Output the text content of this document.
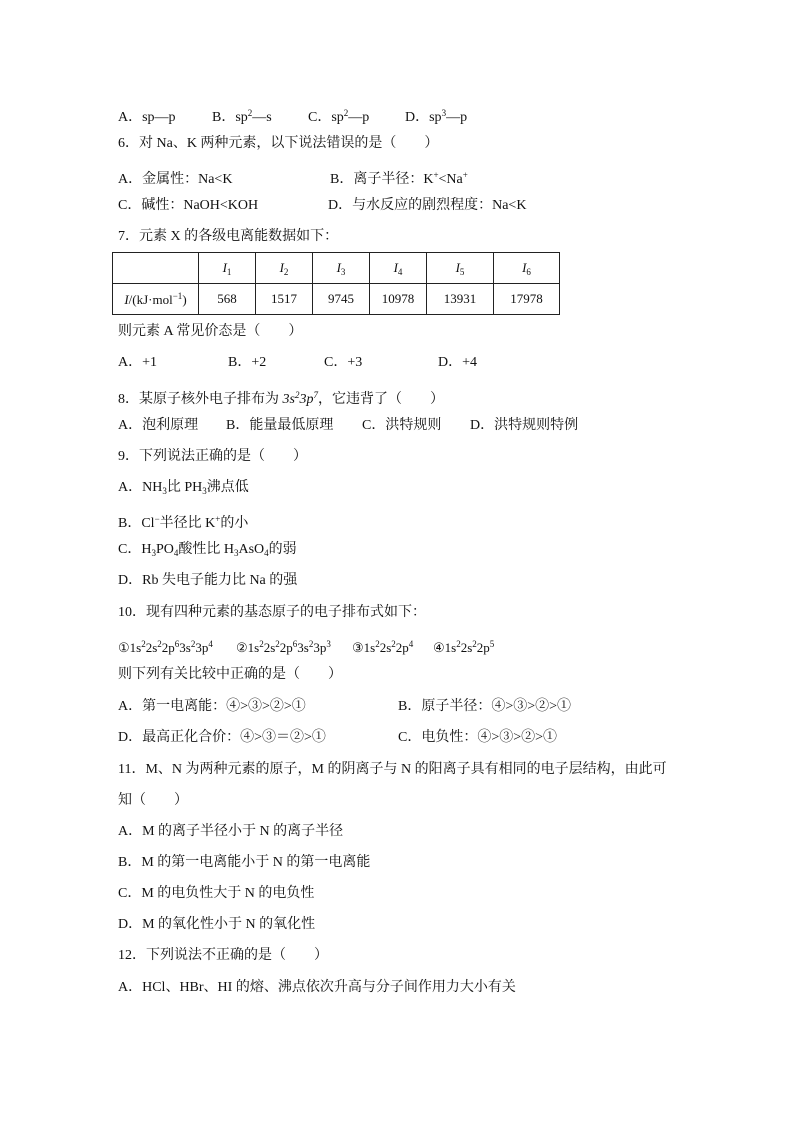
A．sp—p	B．$sp^2—s$	C．$sp^2—p$	D．$sp^3—p$
6．对 Na、K 两种元素，以下说法错误的是（　　）
A．金属性：Na<K	B．离子半径：K+<Na+
C．碱性：NaOH<KOH	D．与水反应的剧烈程度：Na<K
7．元素 X 的各级电离能数据如下：
	$I_1$	$I_2$	$I_3$	$I_4$	$I_5$	$I_6$
I/(kJ·mol$^{-1}$)	568	1517	9745	10978	13931	17978
则元素 A 常见价态是（　　）
A．+1	B．+2	C．+3	D．+4
8．某原子核外电子排布为 $3s^23p^7$，它违背了（　　）
A．泡利原理 B．能量最低原理 C．洪特规则 D．洪特规则特例
9．下列说法正确的是（　　）
A．$NH_3$比 $PH_3$沸点低
B．Cl−半径比 K+的小
C．$H_3PO_4$酸性比 $H_3AsO_4$的弱
D．Rb 失电子能力比 Na 的强
10．现有四种元素的基态原子的电子排布式如下：
$①1s^22s^22p^63s^23p^4$ $②1s^22s^22p^63s^23p^3$ $③1s^22s^22p^4$ $④1s^22s^22p^5$
则下列有关比较中正确的是（　　）
A．第一电离能：④>③>②>①	B．原子半径：④>③>②>①
D．最高正化合价：④>③＝②>①	C．电负性：④>③>②>①
11．M、N 为两种元素的原子，M 的阴离子与 N 的阳离子具有相同的电子层结构，由此可
知（　　）
A．M 的离子半径小于 N 的离子半径
B．M 的第一电离能小于 N 的第一电离能
C．M 的电负性大于 N 的电负性
D．M 的氧化性小于 N 的氧化性
12．下列说法不正确的是（　　）
A．HCl、HBr、HI 的熔、沸点依次升高与分子间作用力大小有关
